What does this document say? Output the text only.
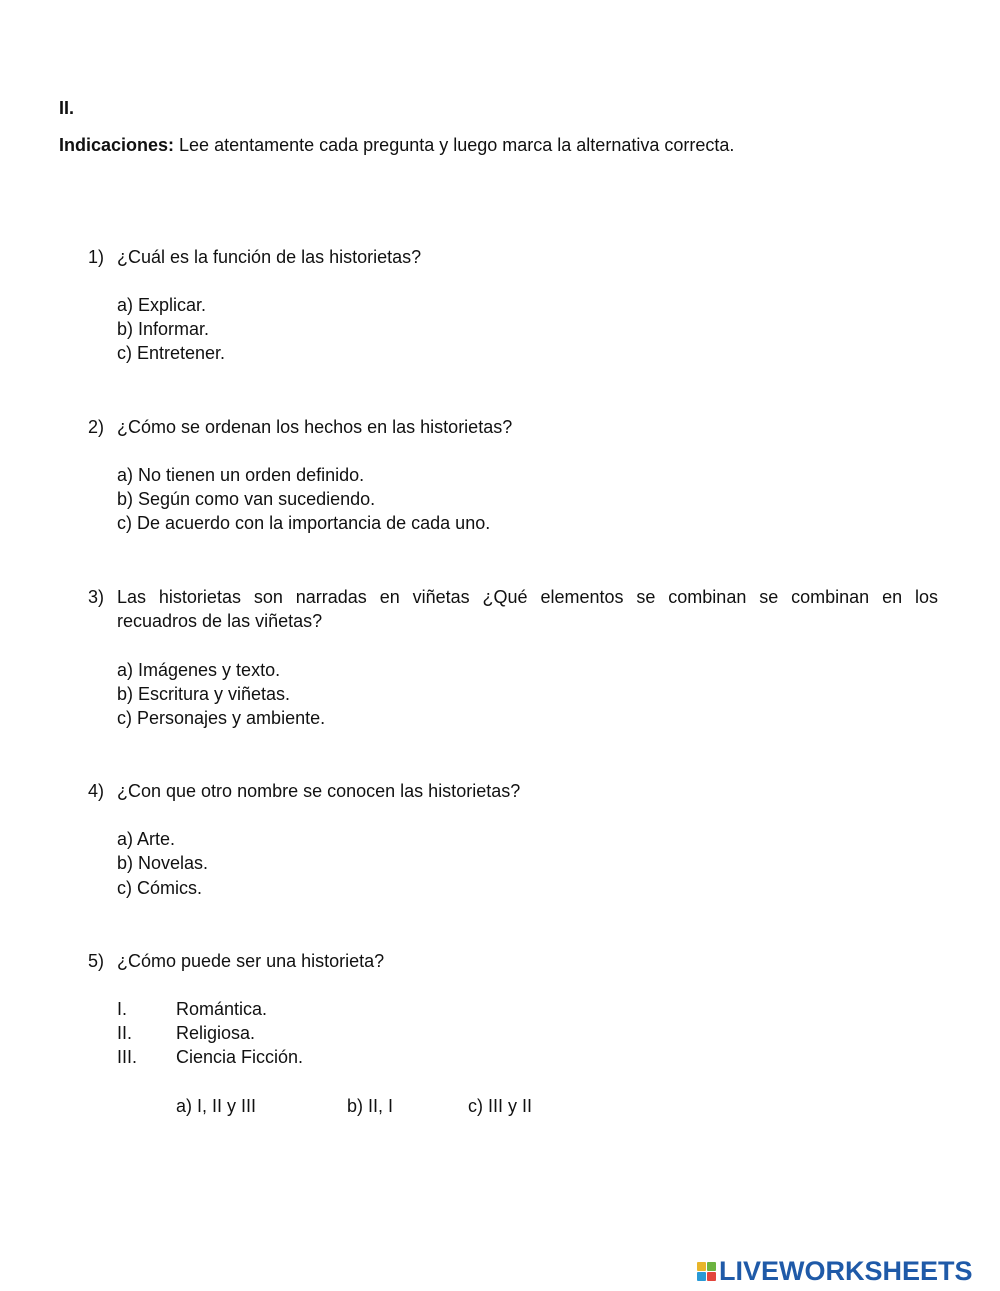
II.
Indicaciones: Lee atentamente cada pregunta y luego marca la alternativa correcta.
1) ¿Cuál es la función de las historietas?
a) Explicar.
b) Informar.
c) Entretener.
2) ¿Cómo se ordenan los hechos en las historietas?
a) No tienen un orden definido.
b) Según como van sucediendo.
c) De acuerdo con la importancia de cada uno.
3) Las historietas son narradas en viñetas ¿Qué elementos se combinan se combinan en los
recuadros de las viñetas?
a) Imágenes y texto.
b) Escritura y viñetas.
c) Personajes y ambiente.
4) ¿Con que otro nombre se conocen las historietas?
a) Arte.
b) Novelas.
c) Cómics.
5) ¿Cómo puede ser una historieta?
I.	Romántica.
II. Religiosa.
III. Ciencia Ficción.
a) I, II y III	b) II, I	c) III y II
LIVEWORKSHEETS
